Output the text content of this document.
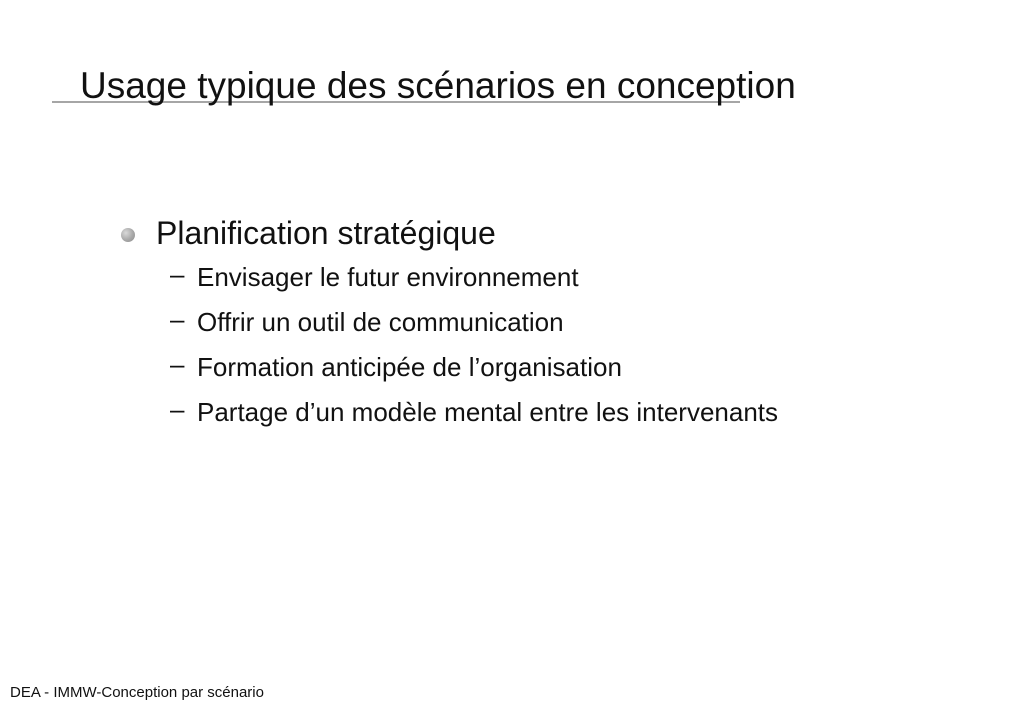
Usage typique des scénarios en conception
Planification stratégique
– Envisager le futur environnement
– Offrir un outil de communication
– Formation anticipée de l’organisation
– Partage d’un modèle mental entre les intervenants

DEA - IMMW-Conception par scénario
